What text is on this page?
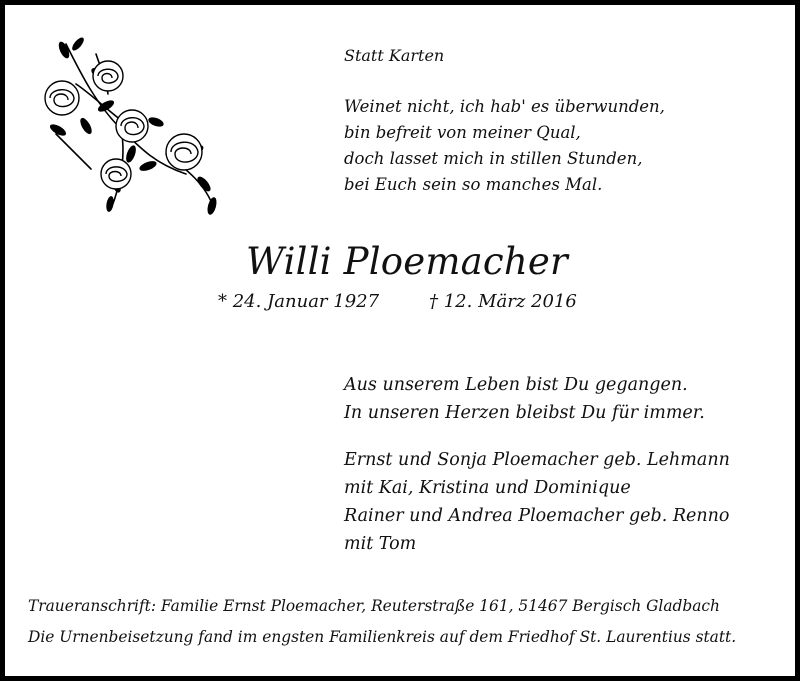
Statt Karten
Weinet nicht, ich hab' es überwunden,
bin befreit von meiner Qual,
doch lasset mich in stillen Stunden,
bei Euch sein so manches Mal.
Willi Ploemacher
* 24. Januar 1927	† 12. März 2016
Aus unserem Leben bist Du gegangen.
In unseren Herzen bleibst Du für immer.
Ernst und Sonja Ploemacher geb. Lehmann
mit Kai, Kristina und Dominique
Rainer und Andrea Ploemacher geb. Renno
mit Tom
Traueranschrift: Familie Ernst Ploemacher, Reuterstraße 161, 51467 Bergisch Gladbach
Die Urnenbeisetzung fand im engsten Familienkreis auf dem Friedhof St. Laurentius statt.
